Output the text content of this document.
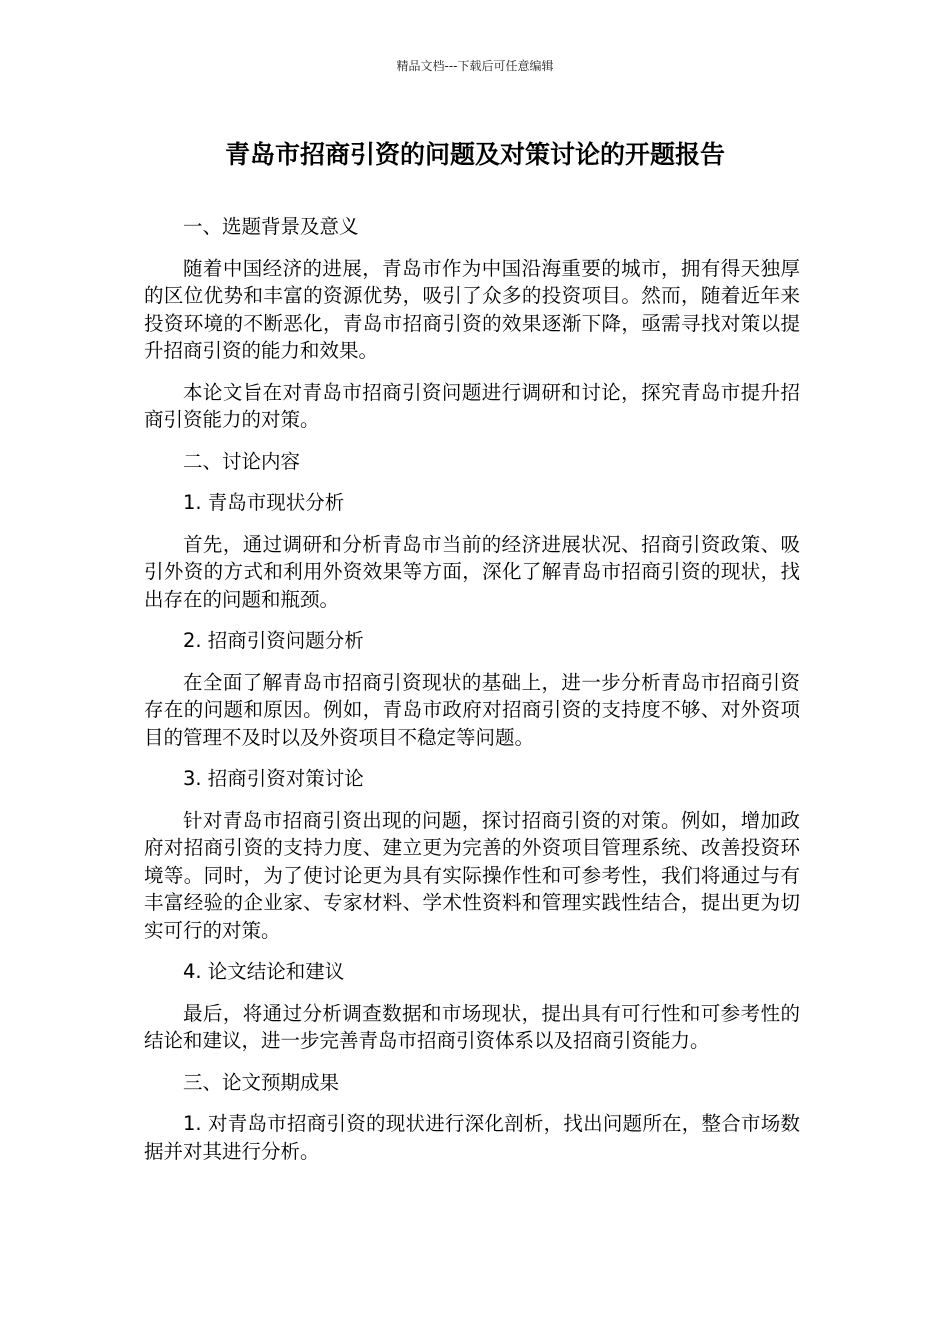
精品文档---下载后可任意编辑
青岛市招商引资的问题及对策讨论的开题报告

一、选题背景及意义

随着中国经济的进展，青岛市作为中国沿海重要的城市，拥有得天独厚的区位优势和丰富的资源优势，吸引了众多的投资项目。然而，随着近年来投资环境的不断恶化，青岛市招商引资的效果逐渐下降，亟需寻找对策以提升招商引资的能力和效果。

本论文旨在对青岛市招商引资问题进行调研和讨论，探究青岛市提升招商引资能力的对策。

二、讨论内容

1. 青岛市现状分析

首先，通过调研和分析青岛市当前的经济进展状况、招商引资政策、吸引外资的方式和利用外资效果等方面，深化了解青岛市招商引资的现状，找出存在的问题和瓶颈。

2. 招商引资问题分析

在全面了解青岛市招商引资现状的基础上，进一步分析青岛市招商引资存在的问题和原因。例如，青岛市政府对招商引资的支持度不够、对外资项目的管理不及时以及外资项目不稳定等问题。

3. 招商引资对策讨论

针对青岛市招商引资出现的问题，探讨招商引资的对策。例如，增加政府对招商引资的支持力度、建立更为完善的外资项目管理系统、改善投资环境等。同时，为了使讨论更为具有实际操作性和可参考性，我们将通过与有丰富经验的企业家、专家材料、学术性资料和管理实践性结合，提出更为切实可行的对策。

4. 论文结论和建议

最后，将通过分析调查数据和市场现状，提出具有可行性和可参考性的结论和建议，进一步完善青岛市招商引资体系以及招商引资能力。

三、论文预期成果

1. 对青岛市招商引资的现状进行深化剖析，找出问题所在，整合市场数据并对其进行分析。
